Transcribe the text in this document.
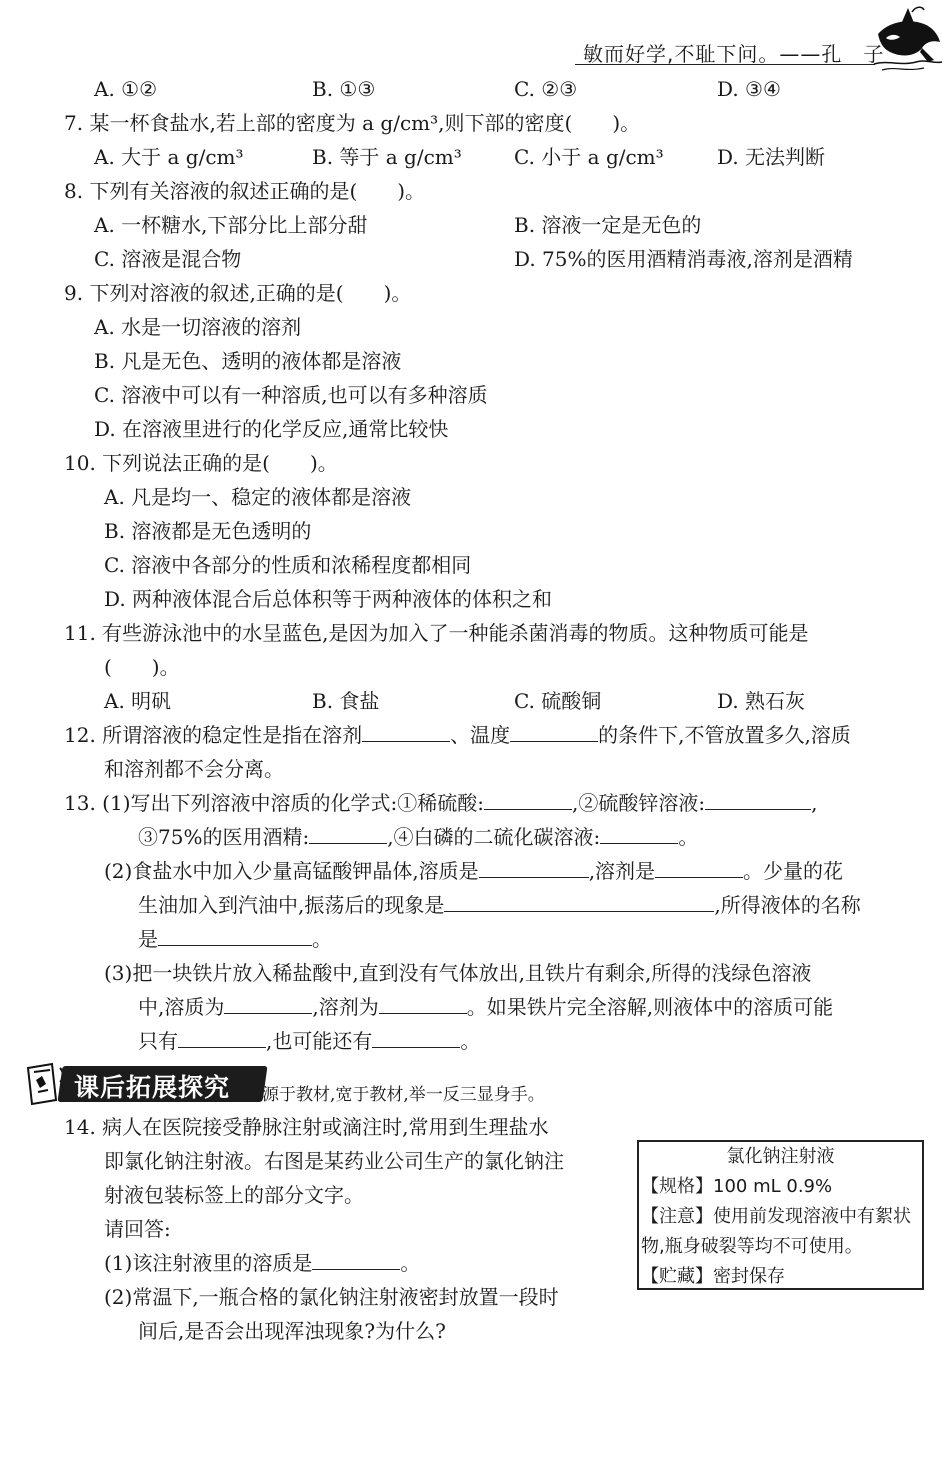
敏而好学,不耻下问。——孔　子
A. ①②	B. ①③	C. ②③	D. ③④
7. 某一杯食盐水,若上部的密度为 a g/cm³,则下部的密度(　　)。
A. 大于 a g/cm³	B. 等于 a g/cm³	C. 小于 a g/cm³	D. 无法判断
8. 下列有关溶液的叙述正确的是(　　)。
A. 一杯糖水,下部分比上部分甜	B. 溶液一定是无色的
C. 溶液是混合物	D. 75%的医用酒精消毒液,溶剂是酒精
9. 下列对溶液的叙述,正确的是(　　)。
A. 水是一切溶液的溶剂
B. 凡是无色、透明的液体都是溶液
C. 溶液中可以有一种溶质,也可以有多种溶质
D. 在溶液里进行的化学反应,通常比较快
10. 下列说法正确的是(　　)。
A. 凡是均一、稳定的液体都是溶液
B. 溶液都是无色透明的
C. 溶液中各部分的性质和浓稀程度都相同
D. 两种液体混合后总体积等于两种液体的体积之和
11. 有些游泳池中的水呈蓝色,是因为加入了一种能杀菌消毒的物质。这种物质可能是
(　　)。
A. 明矾	B. 食盐	C. 硫酸铜	D. 熟石灰
12. 所谓溶液的稳定性是指在溶剂	、温度	的条件下,不管放置多久,溶质
和溶剂都不会分离。
13. (1)写出下列溶液中溶质的化学式:①稀硫酸:	,②硫酸锌溶液:	,
③75%的医用酒精:	,④白磷的二硫化碳溶液:	。
(2)食盐水中加入少量高锰酸钾晶体,溶质是	,溶剂是	。少量的花
生油加入到汽油中,振荡后的现象是	,所得液体的名称
是	。
(3)把一块铁片放入稀盐酸中,直到没有气体放出,且铁片有剩余,所得的浅绿色溶液
中,溶质为	,溶剂为	。如果铁片完全溶解,则液体中的溶质可能
只有	,也可能还有	。
课后拓展探究 源于教材,宽于教材,举一反三显身手。
14. 病人在医院接受静脉注射或滴注时,常用到生理盐水
即氯化钠注射液。右图是某药业公司生产的氯化钠注
射液包装标签上的部分文字。
请回答:
(1)该注射液里的溶质是	。
(2)常温下,一瓶合格的氯化钠注射液密封放置一段时
间后,是否会出现浑浊现象?为什么?
氯化钠注射液
【规格】100 mL 0.9%
【注意】使用前发现溶液中有絮状
物,瓶身破裂等均不可使用。
【贮藏】密封保存
